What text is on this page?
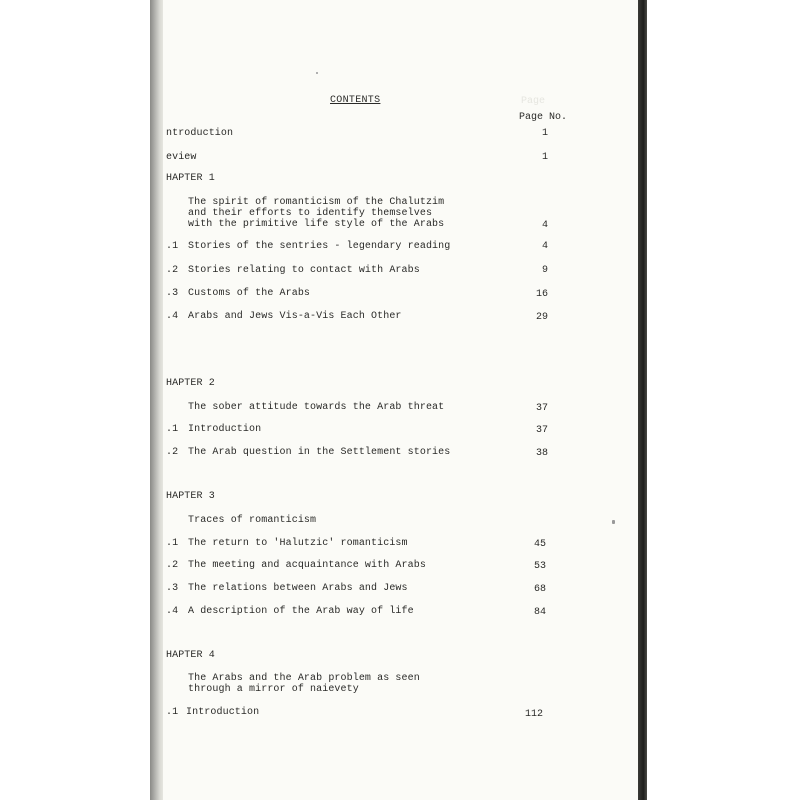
Page
CONTENTS
Page No.
ntroduction	1
eview	1
HAPTER 1
The spirit of romanticism of the Chalutzim
and their efforts to identify themselves
with the primitive life style of the Arabs	4
.1 Stories of the sentries - legendary reading	4
.2 Stories relating to contact with Arabs	9
.3 Customs of the Arabs	16
.4 Arabs and Jews Vis-a-Vis Each Other	29
HAPTER 2
The sober attitude towards the Arab threat	37
.1 Introduction	37
.2 The Arab question in the Settlement stories	38
HAPTER 3
Traces of romanticism
.1 The return to 'Halutzic' romanticism	45
.2 The meeting and acquaintance with Arabs	53
.3 The relations between Arabs and Jews	68
.4 A description of the Arab way of life	84
HAPTER 4
The Arabs and the Arab problem as seen
through a mirror of naievety
.1 Introduction	112
